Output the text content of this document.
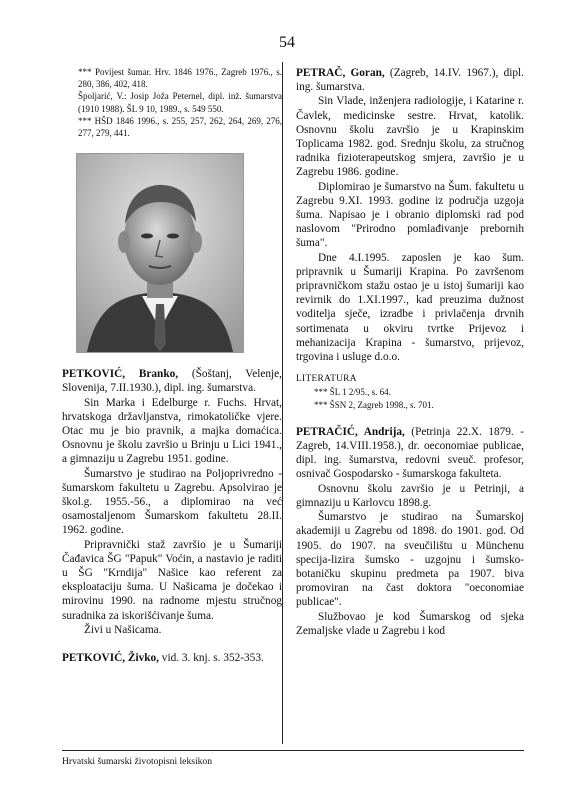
54

*** Povijest šumar. Hrv. 1846 1976., Zagreb 1976., s. 280, 386, 402, 418.

Špoljarić, V.: Josip Joža Peternel, dipl. inž. šumarstva (1910 1988). ŠL 9 10, 1989., s. 549 550.

*** HŠD 1846 1996., s. 255, 257, 262, 264, 269, 276, 277, 279, 441.

PETKOVIĆ, Branko, (Šoštanj, Velenje, Slovenija, 7.II.1930.), dipl. ing. šumarstva.

Sin Marka i Edelburge r. Fuchs. Hrvat, hrvatskoga državljanstva, rimokatoličke vjere. Otac mu je bio pravnik, a majka domaćica. Osnovnu je školu završio u Brinju u Lici 1941., a gimnaziju u Zagrebu 1951. godine.

Šumarstvo je studirao na Poljoprivredno - šumarskom fakultetu u Zagrebu. Apsolvirao je škol.g. 1955.-56., a diplomirao na već osamostaljenom Šumarskom fakultetu 28.II. 1962. godine.

Pripravnički staž završio je u Šumariji Čađavica ŠG "Papuk" Voćin, a nastavio je raditi u ŠG "Krndija" Našice kao referent za eksploataciju šuma. U Našicama je dočekao i mirovinu 1990. na radnome mjestu stručnog suradnika za iskorišćivanje šuma.

Živi u Našicama.

PETKOVIĆ, Živko, vid. 3. knj. s. 352-353.

PETRAČ, Goran, (Zagreb, 14.IV. 1967.), dipl. ing. šumarstva.

Sin Vlade, inženjera radiologije, i Katarine r. Čavlek, medicinske sestre. Hrvat, katolik. Osnovnu školu završio je u Krapinskim Toplicama 1982. god. Srednju školu, za stručnog radnika fizioterapeutskog smjera, završio je u Zagrebu 1986. godine.

Diplomirao je šumarstvo na Šum. fakultetu u Zagrebu 9.XI. 1993. godine iz područja uzgoja šuma. Napisao je i obranio diplomski rad pod naslovom "Prirodno pomlađivanje prebornih šuma".

Dne 4.I.1995. zaposlen je kao šum. pripravnik u Šumariji Krapina. Po završenom pripravničkom stažu ostao je u istoj šumariji kao revirnik do 1.XI.1997., kad preuzima dužnost voditelja sječe, izradbe i privlačenja drvnih sortimenata u okviru tvrtke Prijevoz i mehanizacija Krapina - šumarstvo, prijevoz, trgovina i usluge d.o.o.

LITERATURA

*** ŠL 1 2/95., s. 64.

*** ŠSN 2, Zagreb 1998., s. 701.

PETRAČIĆ, Andrija, (Petrinja 22.X. 1879. - Zagreb, 14.VIII.1958.), dr. oeconomiae publicae, dipl. ing. šumarstva, redovni sveuč. profesor, osnivač Gospodarsko - šumarskoga fakulteta.

Osnovnu školu završio je u Petrinji, a gimnaziju u Karlovcu 1898.g.

Šumarstvo je studirao na Šumarskoj akademiji u Zagrebu od 1898. do 1901. god. Od 1905. do 1907. na sveučilištu u Münchenu specija-lizira šumsko - uzgojnu i šumsko-botaničku skupinu predmeta pa 1907. biva promoviran na čast doktora "oeconomiae publicae".

Službovao je kod Šumarskog od sjeka Zemaljske vlade u Zagrebu i kod

Hrvatski šumarski životopisni leksikon
